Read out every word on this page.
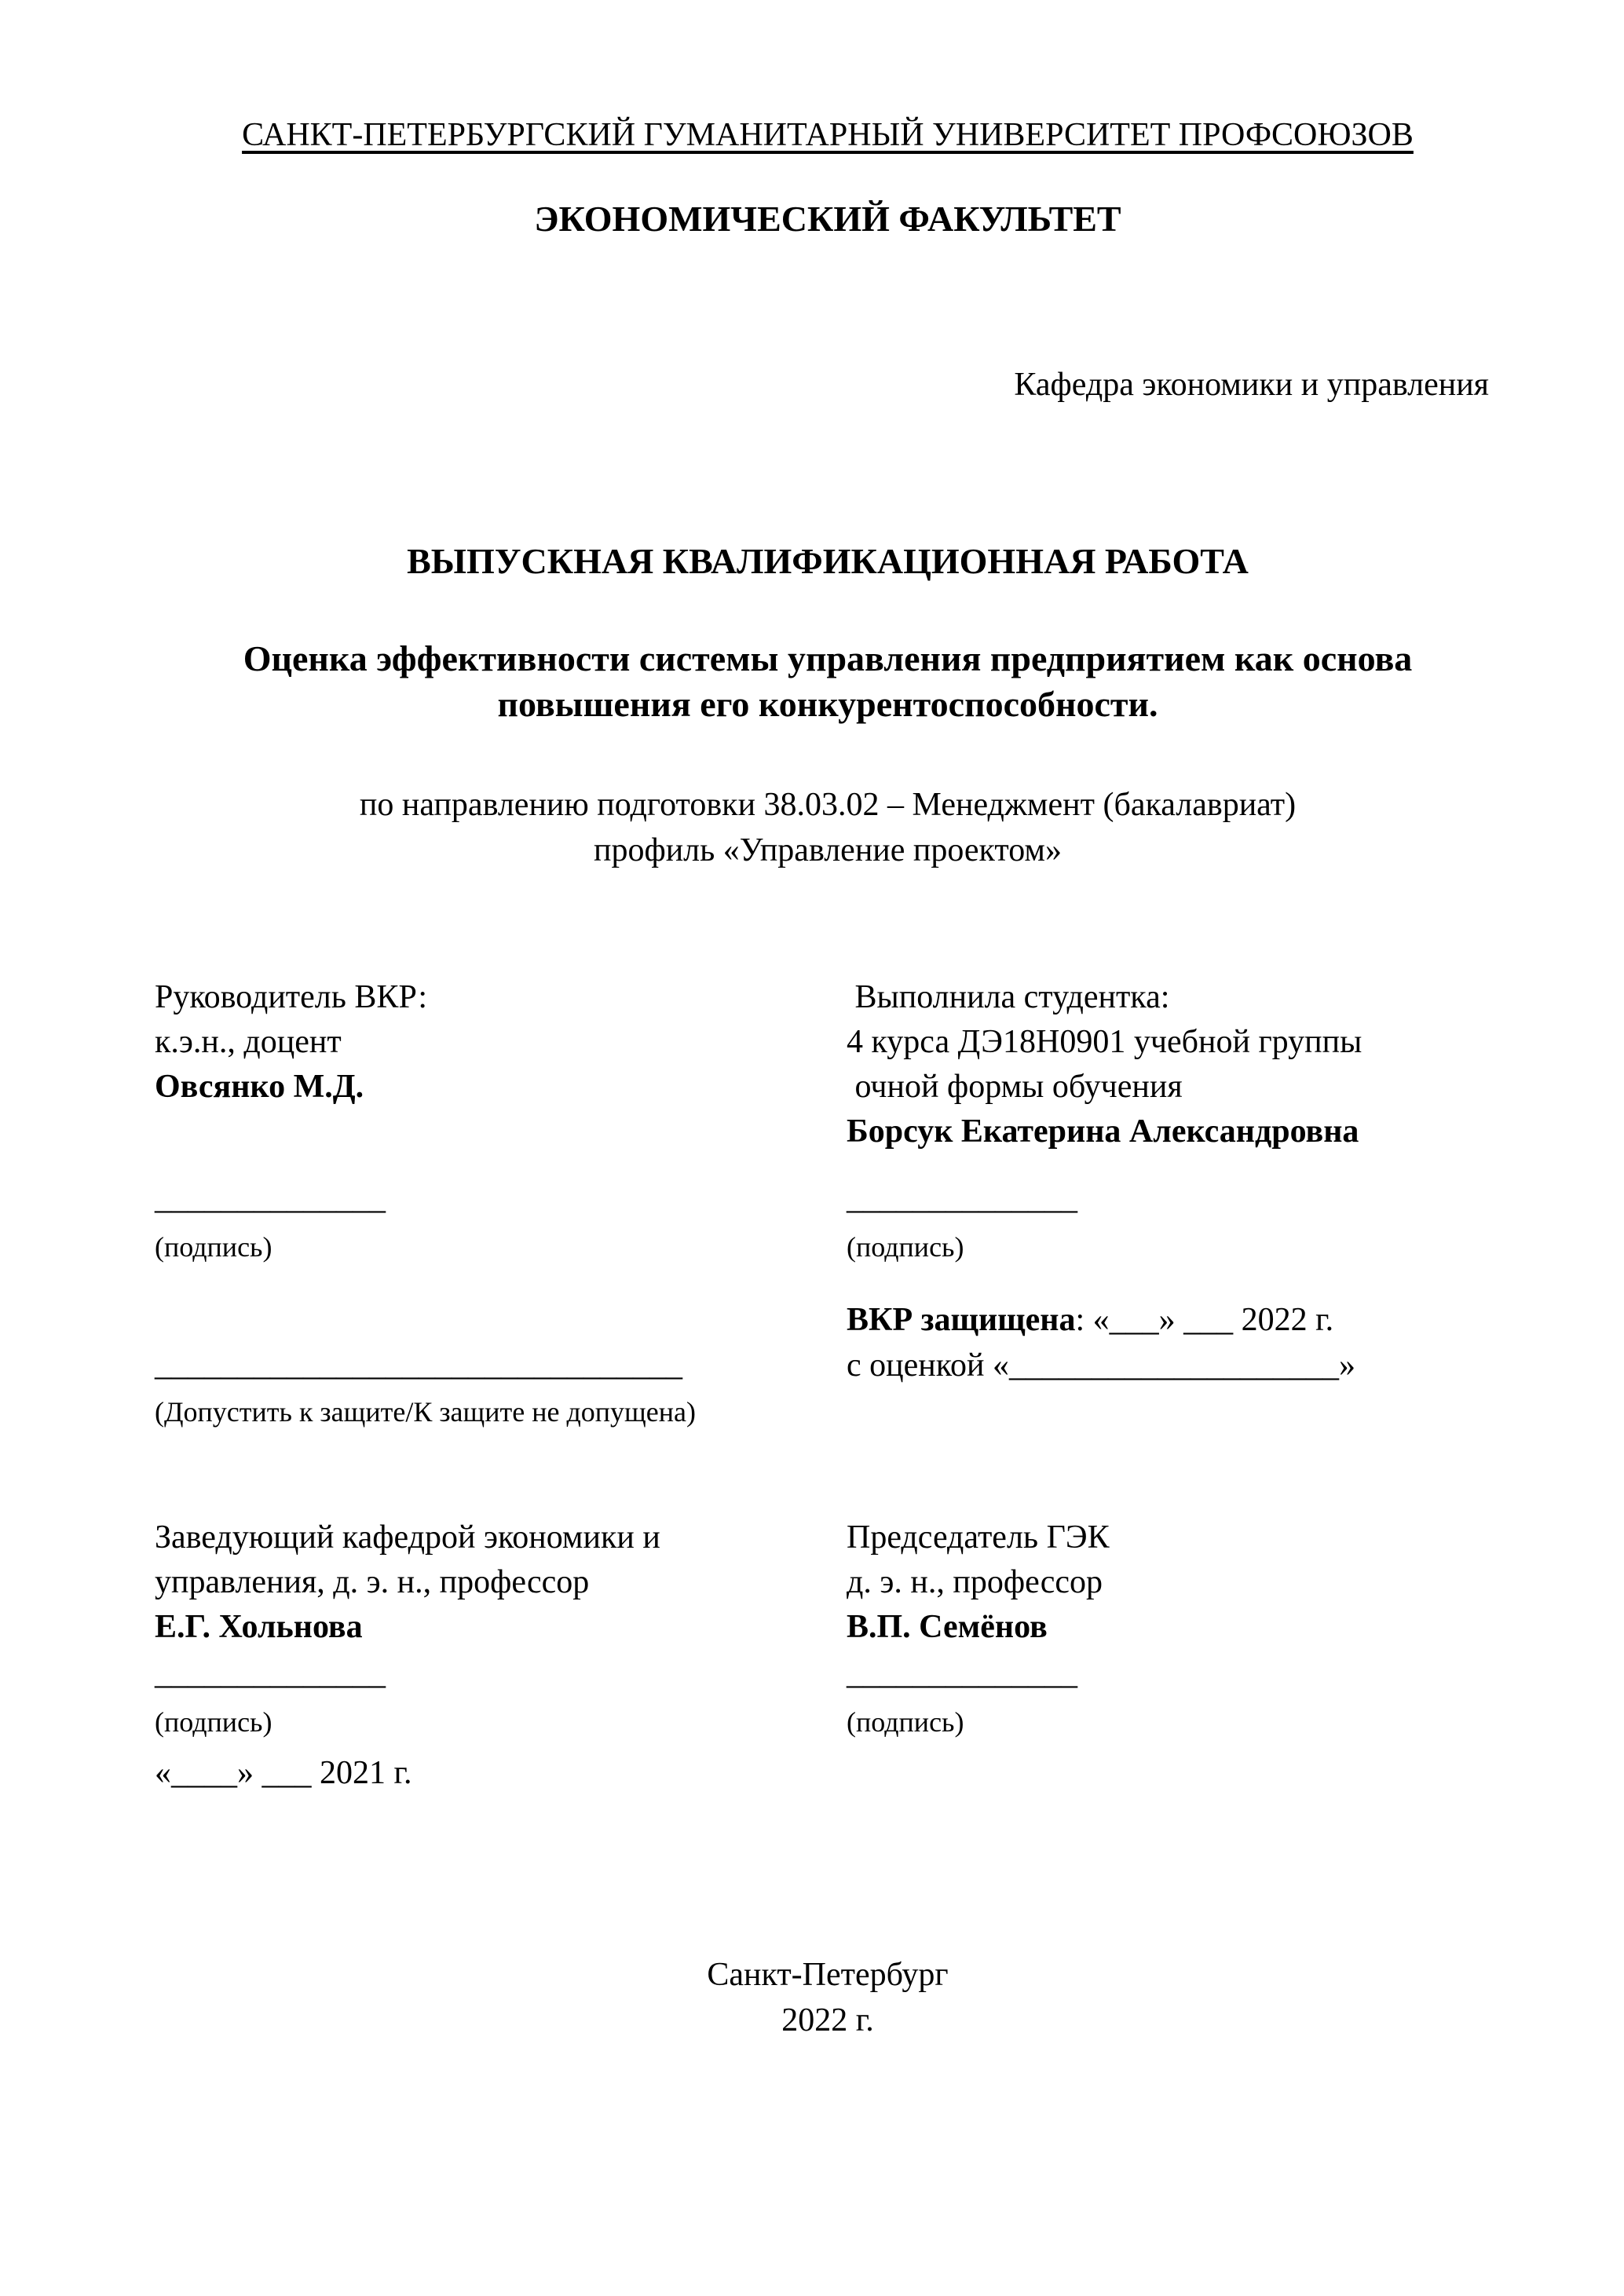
САНКТ-ПЕТЕРБУРГСКИЙ ГУМАНИТАРНЫЙ УНИВЕРСИТЕТ ПРОФСОЮЗОВ
ЭКОНОМИЧЕСКИЙ ФАКУЛЬТЕТ
Кафедра экономики и управления
ВЫПУСКНАЯ КВАЛИФИКАЦИОННАЯ РАБОТА
Оценка эффективности системы управления предприятием как основа
повышения его конкурентоспособности.
по направлению подготовки 38.03.02 – Менеджмент (бакалавриат)
профиль «Управление проектом»
Руководитель ВКР:
к.э.н., доцент
Овсянко М.Д.
Выполнила студентка:
4 курса ДЭ18Н0901 учебной группы
очной формы обучения
Борсук Екатерина Александровна
______________
(подпись)
______________
(подпись)
ВКР защищена: «___» ___ 2022 г.
с оценкой «____________________»
________________________________
(Допустить к защите/К защите не допущена)
Заведующий кафедрой экономики и
управления, д. э. н., профессор
Е.Г. Хольнова
______________
(подпись)
«____» ___ 2021 г.
Председатель ГЭК
д. э. н., профессор
В.П. Семёнов
______________
(подпись)
Санкт-Петербург
2022 г.
